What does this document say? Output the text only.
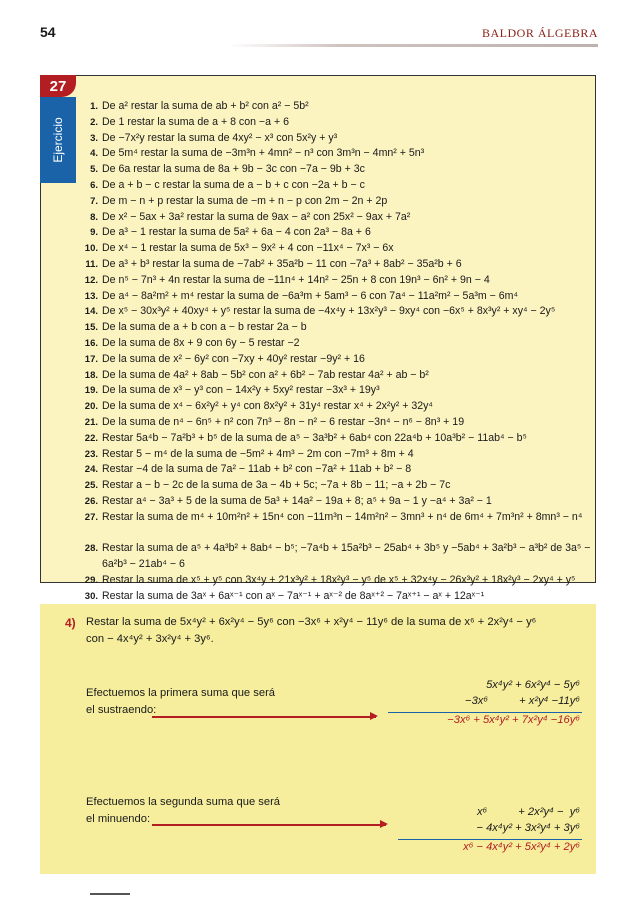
54	BALDOR ÁLGEBRA
27
Ejercicio
1. De a² restar la suma de ab + b² con a² − 5b²
2. De 1 restar la suma de a + 8 con −a + 6
3. De −7x²y restar la suma de 4xy² − x³ con 5x²y + y³
4. De 5m⁴ restar la suma de −3m³n + 4mn² − n³ con 3m³n − 4mn² + 5n³
5. De 6a restar la suma de 8a + 9b − 3c con −7a − 9b + 3c
6. De a + b − c restar la suma de a − b + c con −2a + b − c
7. De m − n + p restar la suma de −m + n − p con 2m − 2n + 2p
8. De x² − 5ax + 3a² restar la suma de 9ax − a² con 25x² − 9ax + 7a²
9. De a³ − 1 restar la suma de 5a² + 6a − 4 con 2a³ − 8a + 6
10. De x⁴ − 1 restar la suma de 5x³ − 9x² + 4 con −11x⁴ − 7x³ − 6x
11. De a³ + b³ restar la suma de −7ab² + 35a²b − 11 con −7a³ + 8ab² − 35a²b + 6
12. De n⁵ − 7n³ + 4n restar la suma de −11n⁴ + 14n² − 25n + 8 con 19n³ − 6n² + 9n − 4
13. De a⁴ − 8a²m² + m⁴ restar la suma de −6a³m + 5am³ − 6 con 7a⁴ − 11a²m² − 5a³m − 6m⁴
14. De x⁵ − 30x³y² + 40xy⁴ + y⁵ restar la suma de −4x⁴y + 13x²y³ − 9xy⁴ con −6x⁵ + 8x³y² + xy⁴ − 2y⁵
15. De la suma de a + b con a − b restar 2a − b
16. De la suma de 8x + 9 con 6y − 5 restar −2
17. De la suma de x² − 6y² con −7xy + 40y² restar −9y² + 16
18. De la suma de 4a² + 8ab − 5b² con a² + 6b² − 7ab restar 4a² + ab − b²
19. De la suma de x³ − y³ con − 14x²y + 5xy² restar −3x³ + 19y³
20. De la suma de x⁴ − 6x²y² + y⁴ con 8x²y² + 31y⁴ restar x⁴ + 2x²y² + 32y⁴
21. De la suma de n⁴ − 6n⁵ + n² con 7n³ − 8n − n² − 6 restar −3n⁴ − n⁶ − 8n³ + 19
22. Restar 5a⁴b − 7a²b³ + b⁵ de la suma de a⁵ − 3a³b² + 6ab⁴ con 22a⁴b + 10a³b² − 11ab⁴ − b⁵
23. Restar 5 − m⁴ de la suma de −5m² + 4m³ − 2m con −7m³ + 8m + 4
24. Restar −4 de la suma de 7a² − 11ab + b² con −7a² + 11ab + b² − 8
25. Restar a − b − 2c de la suma de 3a − 4b + 5c; −7a + 8b − 11; −a + 2b − 7c
26. Restar a⁴ − 3a³ + 5 de la suma de 5a³ + 14a² − 19a + 8; a⁵ + 9a − 1 y −a⁴ + 3a² − 1
27. Restar la suma de m⁴ + 10m²n² + 15n⁴ con −11m³n − 14m²n² − 3mn³ + n⁴ de 6m⁴ + 7m³n² + 8mn³ − n⁴
28. Restar la suma de a⁵ + 4a³b² + 8ab⁴ − b⁵; −7a⁴b + 15a²b³ − 25ab⁴ + 3b⁵ y −5ab⁴ + 3a²b³ − a³b² de 3a⁵ − 6a²b³ − 21ab⁴ − 6
29. Restar la suma de x⁵ + y⁵ con 3x⁴y + 21x³y² + 18x²y³ − y⁵ de x⁵ + 32x⁴y − 26x³y² + 18x²y³ − 2xy⁴ + y⁵
30. Restar la suma de 3aˣ + 6aˣ⁻¹ con aˣ − 7aˣ⁻¹ + aˣ⁻² de 8aˣ⁺² − 7aˣ⁺¹ − aˣ + 12aˣ⁻¹
4) Restar la suma de 5x⁴y² + 6x²y⁴ − 5y⁶ con −3x⁶ + x²y⁴ − 11y⁶ de la suma de x⁶ + 2x²y⁴ − y⁶ con − 4x⁴y² + 3x²y⁴ + 3y⁶.
Efectuemos la primera suma que será el sustraendo:
5x⁴y² + 6x²y⁴ − 5y⁶
−3x⁶          + x²y⁴ −11y⁶
−3x⁶ + 5x⁴y² + 7x²y⁴ −16y⁶
Efectuemos la segunda suma que será el minuendo:
x⁶          + 2x²y⁴ −  y⁶
− 4x⁴y² + 3x²y⁴ + 3y⁶
x⁶ − 4x⁴y² + 5x²y⁴ + 2y⁶
